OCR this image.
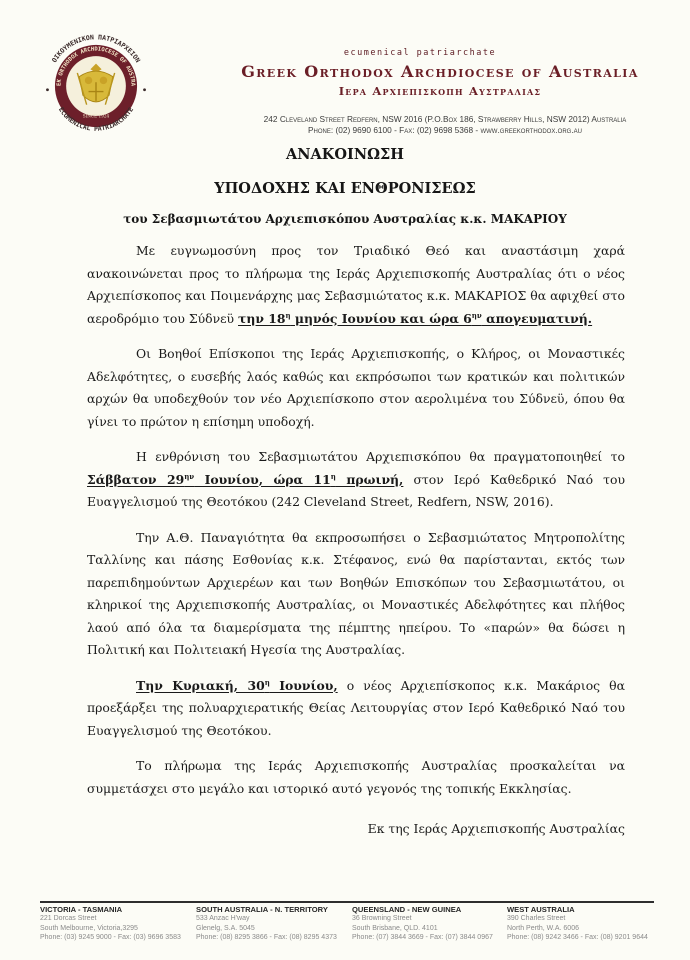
ΟΙΚΟΥΜΕΝΙΚΟΝ ΠΑΤΡΙΑΡΧΕΙΟΝ
EK ORTHODOX ARCHDIOCESE OF AUSTRA
SINCE 1924
ECUMENICAL PATRIARCHATE
ecumenical patriarchate
Greek Orthodox Archdiocese of Australia
Ιερα Αρχιεπισκοπη Αυστραλιας
242 Cleveland Street Redfern, NSW 2016 (P.O.Box 186, Strawberry Hills, NSW 2012) Australia
Phone: (02) 9690 6100 - Fax: (02) 9698 5368 - www.greekorthodox.org.au
ΑΝΑΚΟΙΝΩΣΗ
ΥΠΟΔΟΧΗΣ ΚΑΙ ΕΝΘΡΟΝΙΣΕΩΣ
του Σεβασμιωτάτου Αρχιεπισκόπου Αυστραλίας κ.κ. ΜΑΚΑΡΙΟΥ

Με ευγνωμοσύνη προς τον Τριαδικό Θεό και αναστάσιμη χαρά ανακοινώνεται προς το πλήρωμα της Ιεράς Αρχιεπισκοπής Αυστραλίας ότι ο νέος Αρχιεπίσκοπος και Ποιμενάρχης μας Σεβασμιώτατος κ.κ. ΜΑΚΑΡΙΟΣ θα αφιχθεί στο αεροδρόμιο του Σύδνεϋ την $18^\eta$ μηνός Ιουνίου και ώρα $6^{\eta\nu}$ απογευματινή.

Οι Βοηθοί Επίσκοποι της Ιεράς Αρχιεπισκοπής, ο Κλήρος, οι Μοναστικές Αδελφότητες, ο ευσεβής λαός καθώς και εκπρόσωποι των κρατικών και πολιτικών αρχών θα υποδεχθούν τον νέο Αρχιεπίσκοπο στον αερολιμένα του Σύδνεϋ, όπου θα γίνει το πρώτον η επίσημη υποδοχή.

Η ενθρόνιση του Σεβασμιωτάτου Αρχιεπισκόπου θα πραγματοποιηθεί το Σάββατον $29^{\eta\nu}$ Ιουνίου, ώρα $11^\eta$ πρωινή, στον Ιερό Καθεδρικό Ναό του Ευαγγελισμού της Θεοτόκου (242 Cleveland Street, Redfern, NSW, 2016).

Την Α.Θ. Παναγιότητα θα εκπροσωπήσει ο Σεβασμιώτατος Μητροπολίτης Ταλλίνης και πάσης Εσθονίας κ.κ. Στέφανος, ενώ θα παρίστανται, εκτός των παρεπιδημούντων Αρχιερέων και των Βοηθών Επισκόπων του Σεβασμιωτάτου, οι κληρικοί της Αρχιεπισκοπής Αυστραλίας, οι Μοναστικές Αδελφότητες και πλήθος λαού από όλα τα διαμερίσματα της πέμπτης ηπείρου. Το «παρών» θα δώσει η Πολιτική και Πολιτειακή Ηγεσία της Αυστραλίας.

Την Κυριακή, $30^\eta$ Ιουνίου, ο νέος Αρχιεπίσκοπος κ.κ. Μακάριος θα προεξάρξει της πολυαρχιερατικής Θείας Λειτουργίας στον Ιερό Καθεδρικό Ναό του Ευαγγελισμού της Θεοτόκου.

Το πλήρωμα της Ιεράς Αρχιεπισκοπής Αυστραλίας προσκαλείται να συμμετάσχει στο μεγάλο και ιστορικό αυτό γεγονός της τοπικής Εκκλησίας.

Εκ της Ιεράς Αρχιεπισκοπής Αυστραλίας

VICTORIA - TASMANIA
221 Dorcas Street
South Melbourne, Victoria,3295
Phone: (03) 9245 9000 - Fax: (03) 9696 3583
SOUTH AUSTRALIA - N. TERRITORY
533 Anzac H'way
Glenelg, S.A. 5045
Phone: (08) 8295 3866 - Fax: (08) 8295 4373
QUEENSLAND - NEW GUINEA
36 Browning Street
South Brisbane, QLD. 4101
Phone: (07) 3844 3669 - Fax: (07) 3844 0967
WEST AUSTRALIA
390 Charles Street
North Perth, W.A. 6006
Phone: (08) 9242 3466 - Fax: (08) 9201 9644
